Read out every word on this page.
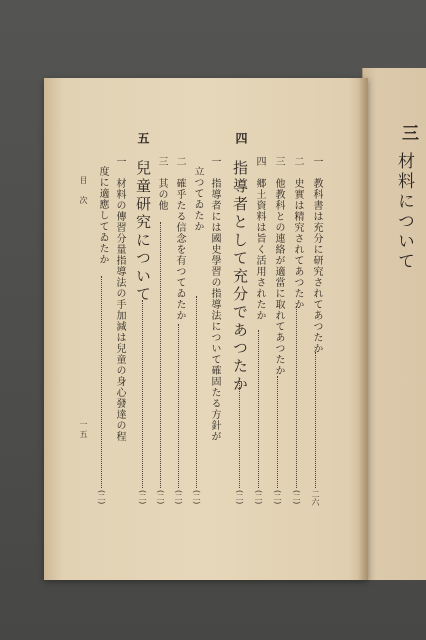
三
材料について
四
指導者として充分であつたか
(二)
一　教科書は充分に研究されてあつたか
二六
二　史實は精究されてあつたか
(二)
三　他教科との連絡が適當に取れてあつたか
(二)
四　郷土資料は旨く活用されたか
(二)
一　指導者には國史學習の指導法について確固たる方針が
立つてゐたか
(二)
二　確乎たる信念を有つてゐたか
(二)
三　其の他
(二)
五
兒童研究について
(二)
一　材料の傳習分量指導法の手加減は兒童の身心發達の程
度に適應してゐたか
(二)
目　次
一五
